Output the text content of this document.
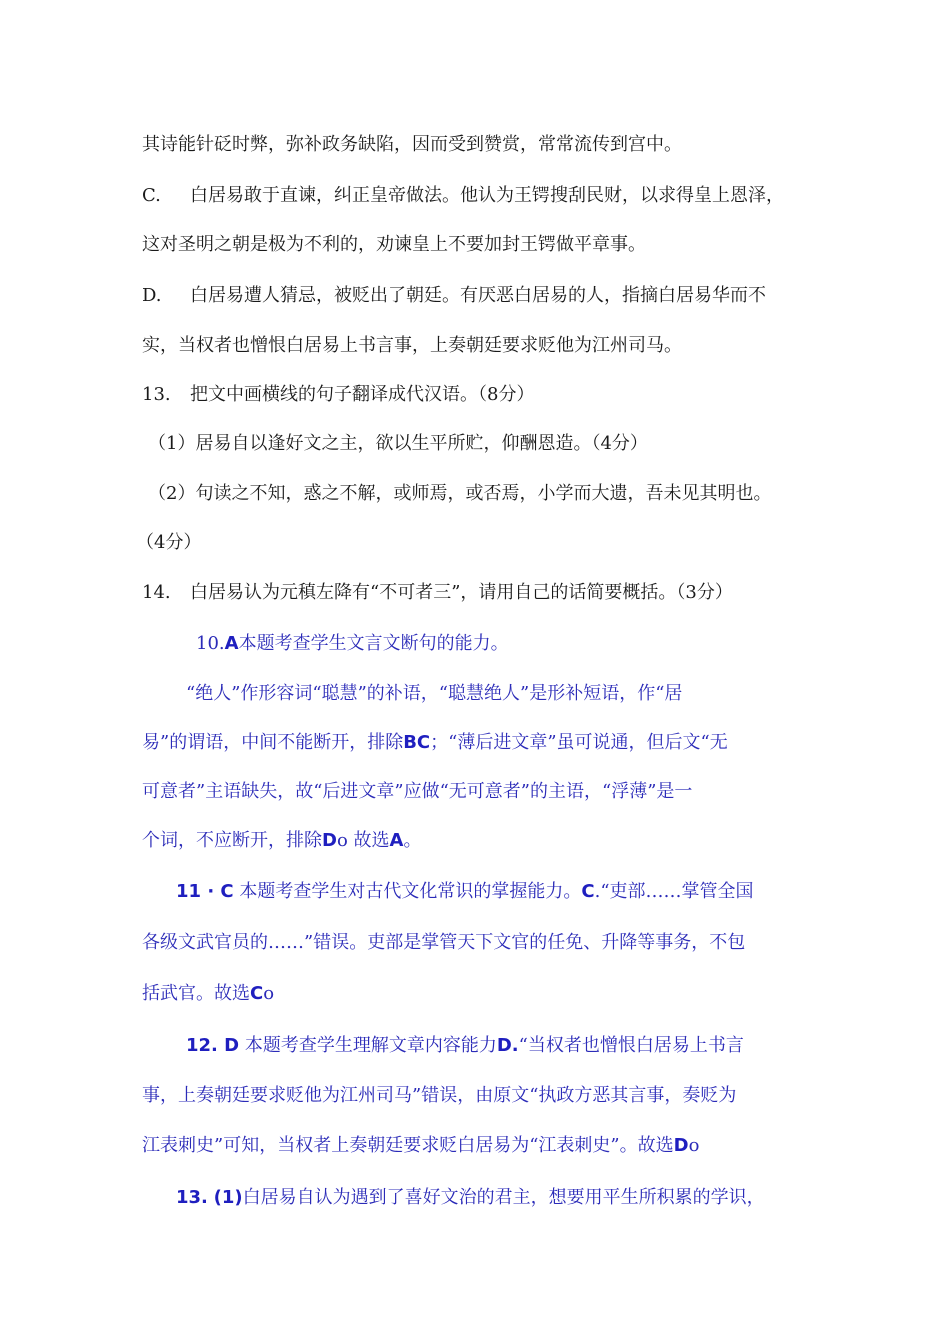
其诗能针砭时弊，弥补政务缺陷，因而受到赞赏，常常流传到宫中。
C. 白居易敢于直谏，纠正皇帝做法。他认为王锷搜刮民财，以求得皇上恩泽，
这对圣明之朝是极为不利的，劝谏皇上不要加封王锷做平章事。
D. 白居易遭人猜忌，被贬出了朝廷。有厌恶白居易的人，指摘白居易华而不
实，当权者也憎恨白居易上书言事，上奏朝廷要求贬他为江州司马。
13. 把文中画横线的句子翻译成代汉语。（8分）
（1）居易自以逢好文之主，欲以生平所贮，仰酬恩造。（4分）
（2）句读之不知，惑之不解，或师焉，或否焉，小学而大遗，吾未见其明也。
（4分）
14. 白居易认为元稹左降有“不可者三”，请用自己的话简要概括。（3分）
10.A本题考查学生文言文断句的能力。
“绝人”作形容词“聪慧”的补语，“聪慧绝人”是形补短语，作“居
易”的谓语，中间不能断开，排除BC；“薄后进文章”虽可说通，但后文“无
可意者”主语缺失，故“后进文章”应做“无可意者”的主语，“浮薄”是一
个词，不应断开，排除Do 故选A。
11 · C 本题考查学生对古代文化常识的掌握能力。C.“吏部……掌管全国
各级文武官员的……”错误。吏部是掌管天下文官的任免、升降等事务，不包
括武官。故选Co
12. D 本题考查学生理解文章内容能力D.“当权者也憎恨白居易上书言
事，上奏朝廷要求贬他为江州司马”错误，由原文“执政方恶其言事，奏贬为
江表刺史”可知，当权者上奏朝廷要求贬白居易为“江表刺史”。故选Do
13. (1)白居易自认为遇到了喜好文治的君主，想要用平生所积累的学识，
